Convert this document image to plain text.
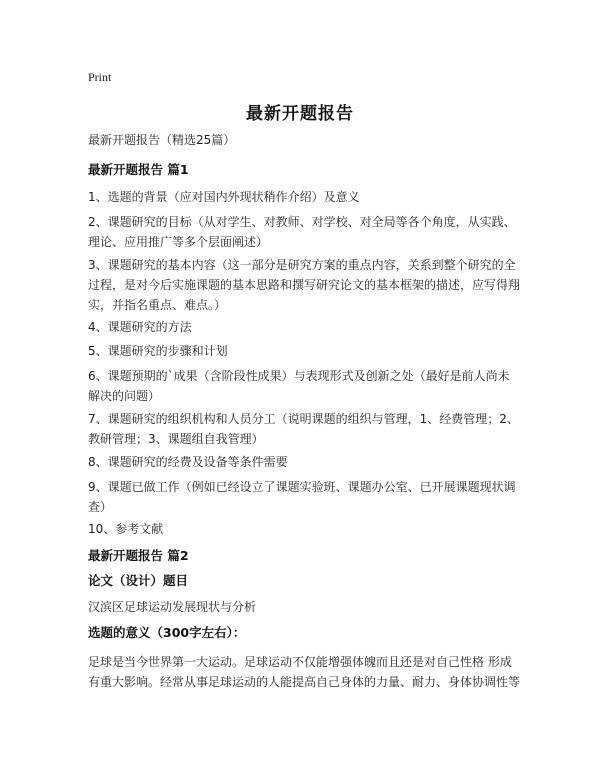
Print
最新开题报告

最新开题报告（精选25篇）

最新开题报告 篇1

1、选题的背景（应对国内外现状稍作介绍）及意义

2、课题研究的目标（从对学生、对教师、对学校、对全局等各个角度，从实践、理论、应用推广等多个层面阐述）

3、课题研究的基本内容（这一部分是研究方案的重点内容，关系到整个研究的全过程，是对今后实施课题的基本思路和撰写研究论文的基本框架的描述，应写得翔实，并指名重点、难点。）

4、课题研究的方法

5、课题研究的步骤和计划

6、课题预期的`成果（含阶段性成果）与表现形式及创新之处（最好是前人尚未解决的问题）

7、课题研究的组织机构和人员分工（说明课题的组织与管理，1、经费管理；2、教研管理；3、课题组自我管理）

8、课题研究的经费及设备等条件需要

9、课题已做工作（例如已经设立了课题实验班、课题办公室、已开展课题现状调查）

10、参考文献

最新开题报告 篇2

论文（设计）题目

汉滨区足球运动发展现状与分析

选题的意义（300字左右）：

足球是当今世界第一大运动。足球运动不仅能增强体魄而且还是对自己性格 形成有重大影响。经常从事足球运动的人能提高自己身体的力量、耐力、身体协调性等
